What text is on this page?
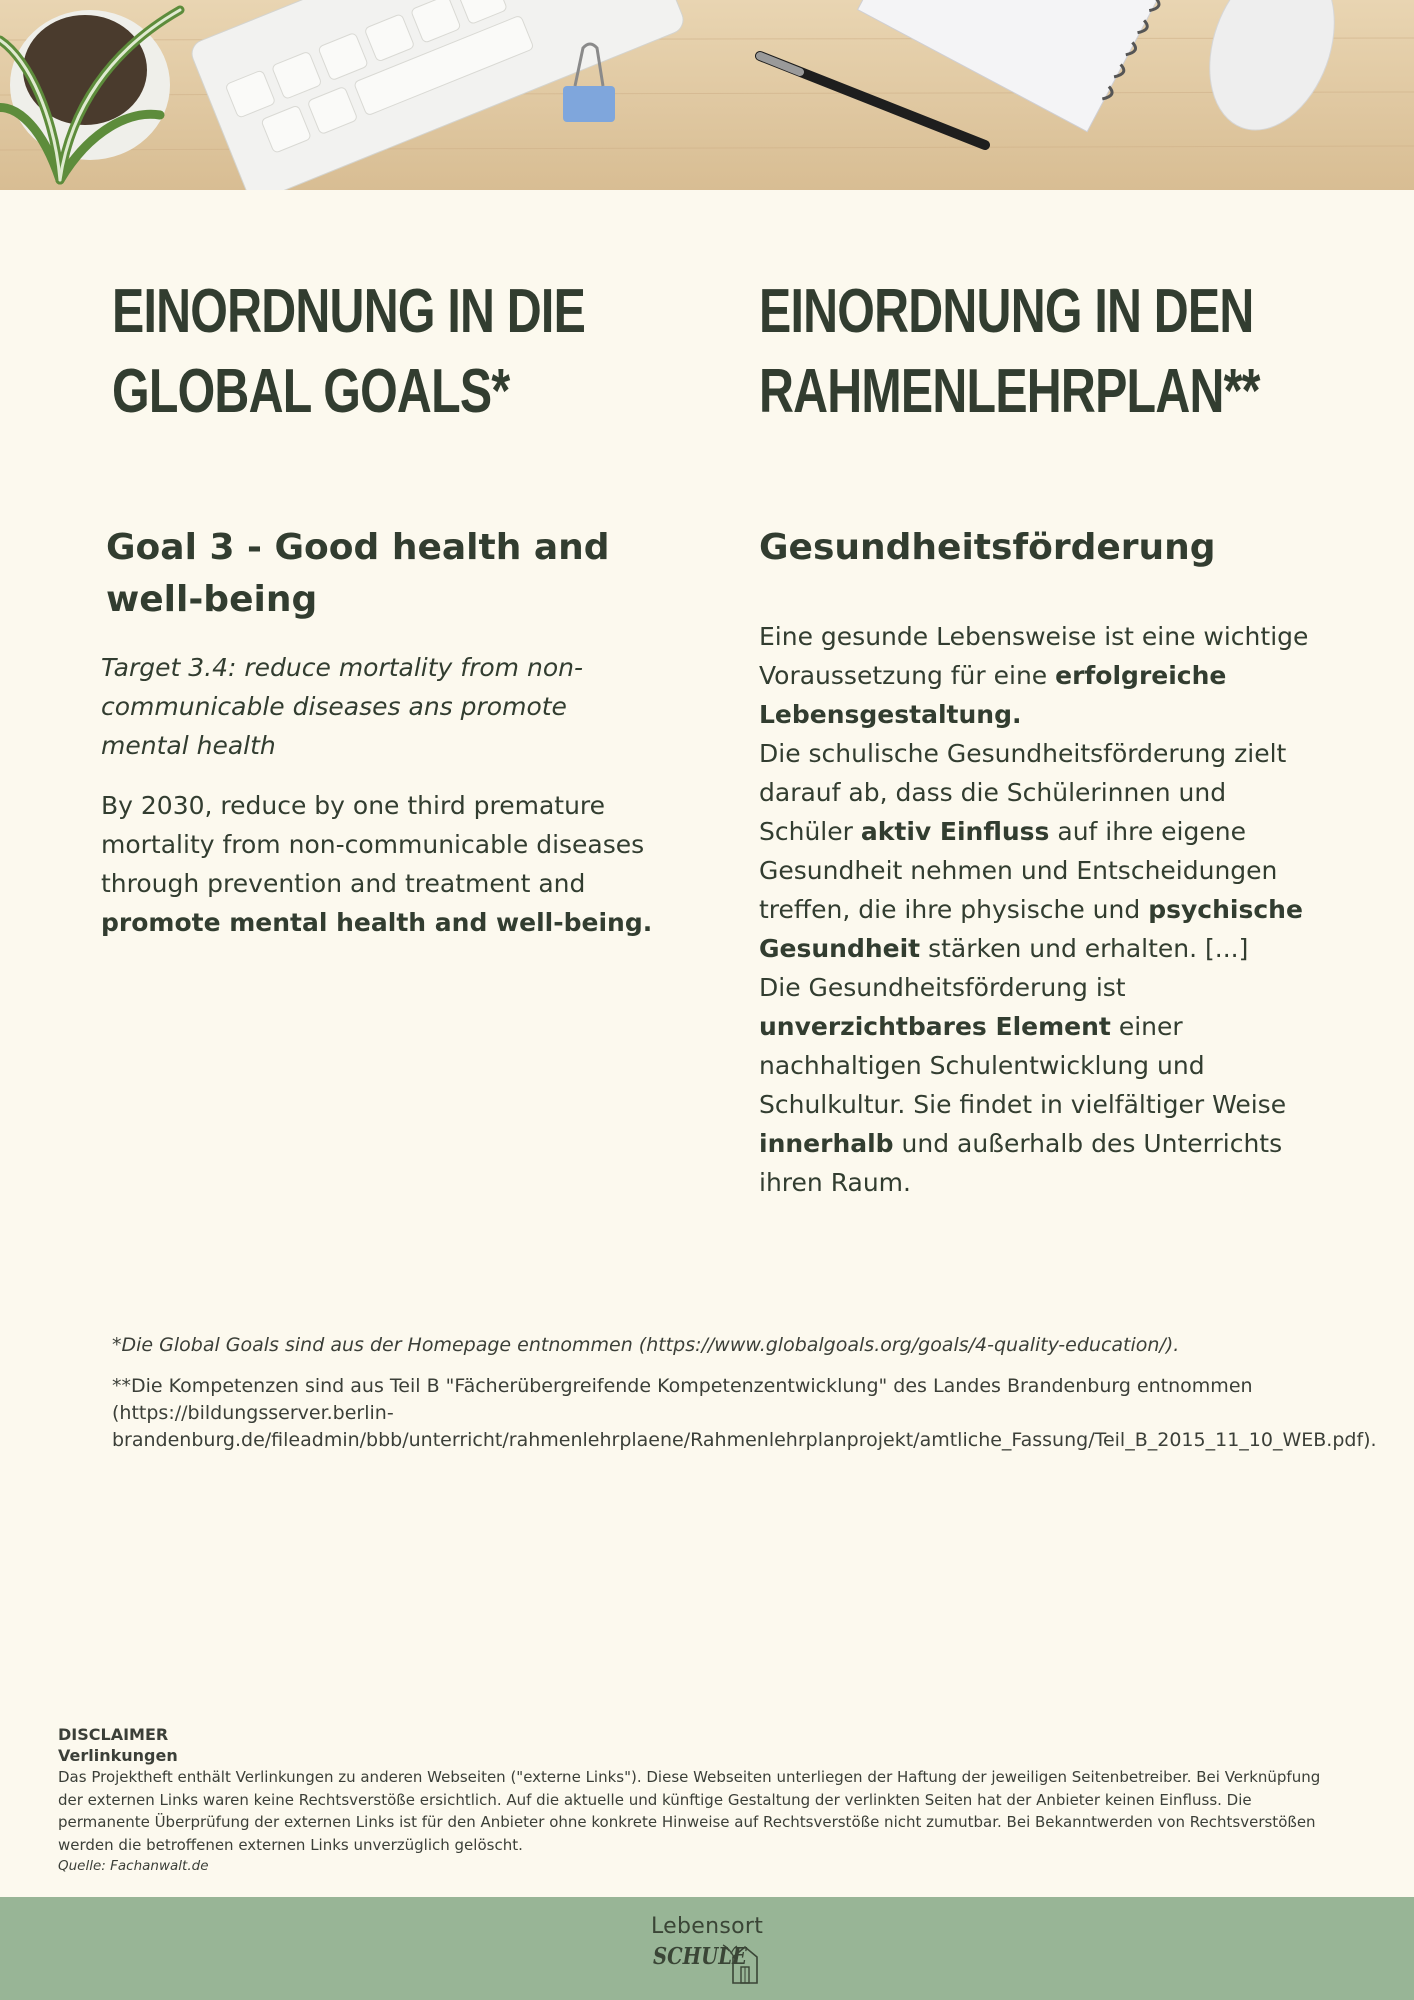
EINORDNUNG IN DIE
GLOBAL GOALS*
Goal 3 - Good health and
well-being

Target 3.4: reduce mortality from non-communicable diseases ans promote mental health

By 2030, reduce by one third premature mortality from non-communicable diseases through prevention and treatment and promote mental health and well-being.

EINORDNUNG IN DEN
RAHMENLEHRPLAN**
Gesundheitsförderung

Eine gesunde Lebensweise ist eine wichtige Voraussetzung für eine erfolgreiche Lebensgestaltung.
Die schulische Gesundheitsförderung zielt darauf ab, dass die Schülerinnen und Schüler aktiv Einfluss auf ihre eigene Gesundheit nehmen und Entscheidungen treffen, die ihre physische und psychische Gesundheit stärken und erhalten. [...]
Die Gesundheitsförderung ist unverzichtbares Element einer nachhaltigen Schulentwicklung und Schulkultur. Sie findet in vielfältiger Weise innerhalb und außerhalb des Unterrichts ihren Raum.

*Die Global Goals sind aus der Homepage entnommen (https://www.globalgoals.org/goals/4-quality-education/).

**Die Kompetenzen sind aus Teil B "Fächerübergreifende Kompetenzentwicklung" des Landes Brandenburg entnommen (https://bildungsserver.berlin-brandenburg.de/fileadmin/bbb/unterricht/rahmenlehrplaene/Rahmenlehrplanprojekt/amtliche_Fassung/Teil_B_2015_11_10_WEB.pdf).

DISCLAIMER

Verlinkungen

Das Projektheft enthält Verlinkungen zu anderen Webseiten ("externe Links"). Diese Webseiten unterliegen der Haftung der jeweiligen Seitenbetreiber. Bei Verknüpfung der externen Links waren keine Rechtsverstöße ersichtlich. Auf die aktuelle und künftige Gestaltung der verlinkten Seiten hat der Anbieter keinen Einfluss. Die permanente Überprüfung der externen Links ist für den Anbieter ohne konkrete Hinweise auf Rechtsverstöße nicht zumutbar. Bei Bekanntwerden von Rechtsverstößen werden die betroffenen externen Links unverzüglich gelöscht.

Quelle: Fachanwalt.de

Lebensort
SCHULE
